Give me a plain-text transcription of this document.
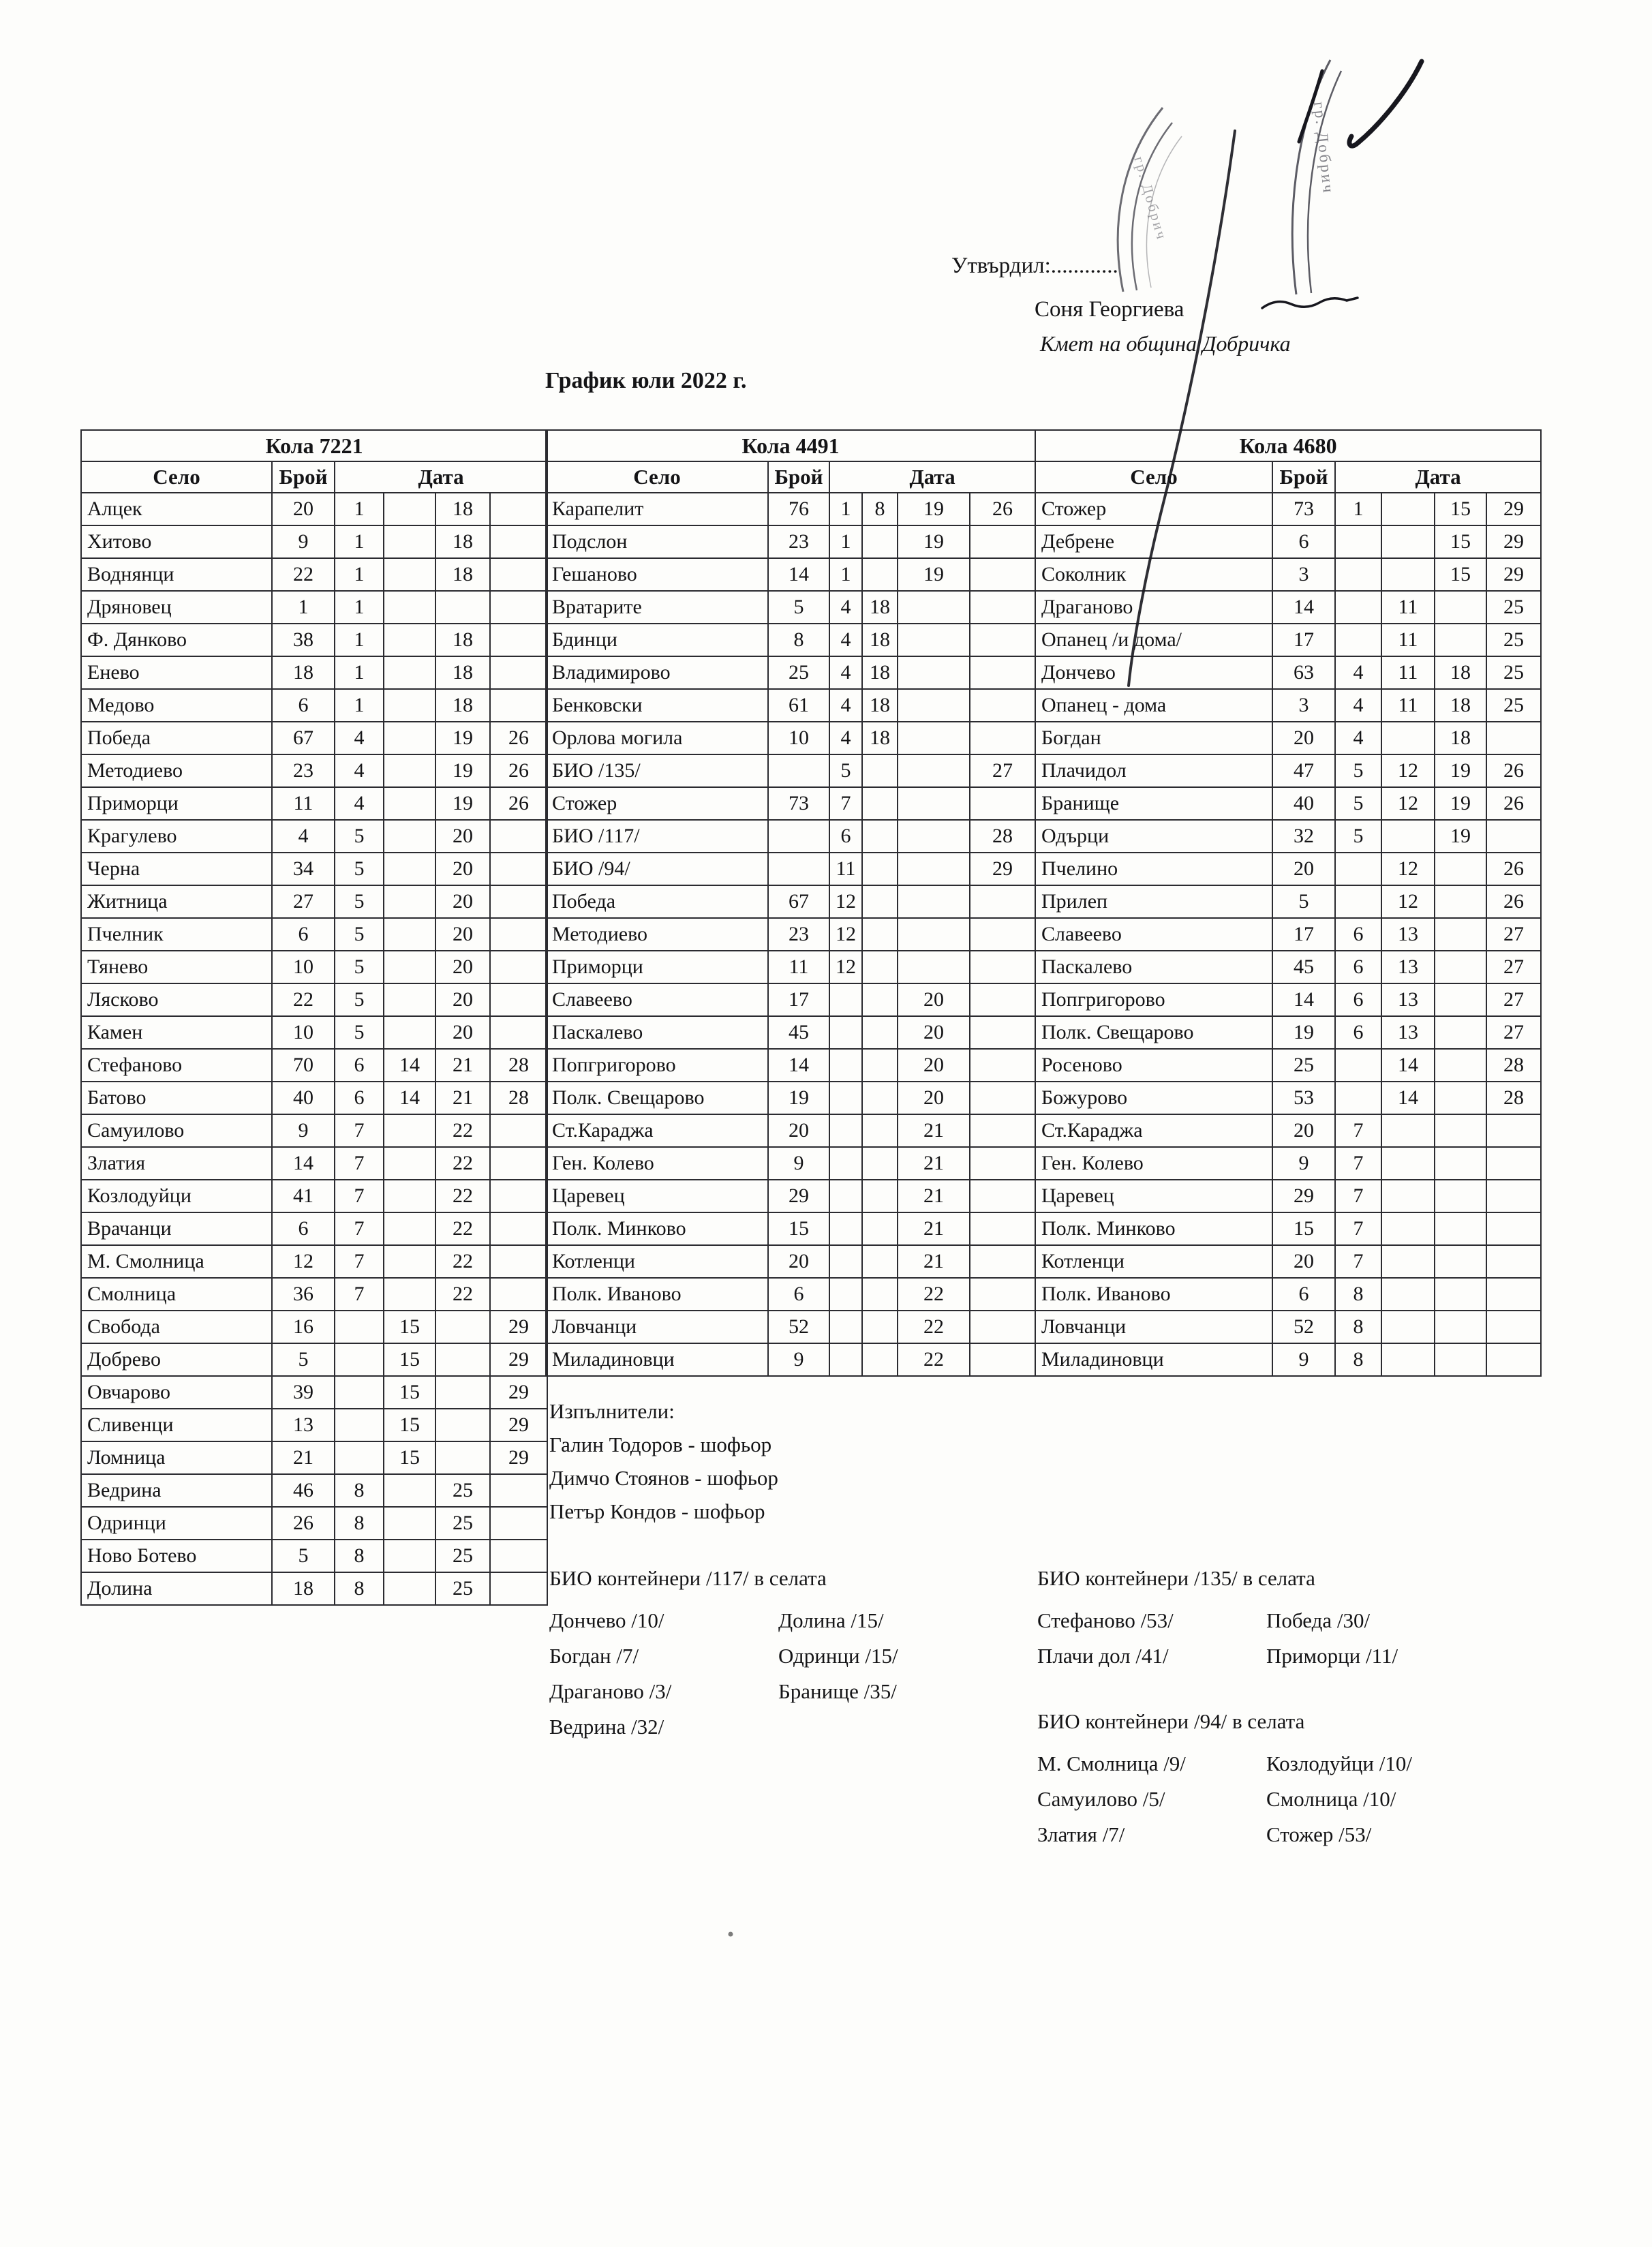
Утвърдил:............
Соня Георгиева
Кмет на община Добричка
График юли 2022 г.
Кола 7221					
Село	Брой	Дата			
Алцек	20	1		18	
Хитово	9	1		18	
Воднянци	22	1		18	
Дряновец	1	1			
Ф. Дянково	38	1		18	
Енево	18	1		18	
Медово	6	1		18	
Победа	67	4		19	26
Методиево	23	4		19	26
Приморци	11	4		19	26
Крагулево	4	5		20	
Черна	34	5		20	
Житница	27	5		20	
Пчелник	6	5		20	
Тянево	10	5		20	
Лясково	22	5		20	
Камен	10	5		20	
Стефаново	70	6	14	21	28
Батово	40	6	14	21	28
Самуилово	9	7		22	
Златия	14	7		22	
Козлодуйци	41	7		22	
Врачанци	6	7		22	
М. Смолница	12	7		22	
Смолница	36	7		22	
Свобода	16		15		29
Добрево	5		15		29
Овчарово	39		15		29
Сливенци	13		15		29
Ломница	21		15		29
Ведрина	46	8		25	
Одринци	26	8		25	
Ново Ботево	5	8		25	
Долина	18	8		25	
Кола 4491					
Село	Брой	Дата			
Карапелит	76	1	8	19	26
Подслон	23	1		19	
Гешаново	14	1		19	
Вратарите	5	4	18		
Бдинци	8	4	18		
Владимирово	25	4	18		
Бенковски	61	4	18		
Орлова могила	10	4	18		
БИО /135/		5			27
Стожер	73	7			
БИО /117/		6			28
БИО /94/		11			29
Победа	67	12			
Методиево	23	12			
Приморци	11	12			
Славеево	17			20	
Паскалево	45			20	
Попгригорово	14			20	
Полк. Свещарово	19			20	
Ст.Караджа	20			21	
Ген. Колево	9			21	
Царевец	29			21	
Полк. Минково	15			21	
Котленци	20			21	
Полк. Иваново	6			22	
Ловчанци	52			22	
Миладиновци	9			22	
Кола 4680					
Село	Брой	Дата			
Стожер	73	1		15	29
Дебрене	6			15	29
Соколник	3			15	29
Драганово	14		11		25
Опанец /и дома/	17		11		25
Дончево	63	4	11	18	25
Опанец - дома	3	4	11	18	25
Богдан	20	4		18	
Плачидол	47	5	12	19	26
Бранище	40	5	12	19	26
Одърци	32	5		19	
Пчелино	20		12		26
Прилеп	5		12		26
Славеево	17	6	13		27
Паскалево	45	6	13		27
Попгригорово	14	6	13		27
Полк. Свещарово	19	6	13		27
Росеново	25		14		28
Божурово	53		14		28
Ст.Караджа	20	7			
Ген. Колево	9	7			
Царевец	29	7			
Полк. Минково	15	7			
Котленци	20	7			
Полк. Иваново	6	8			
Ловчанци	52	8			
Миладиновци	9	8			
Изпълнители:
Галин Тодоров - шофьор
Димчо Стоянов - шофьор
Петър Кондов - шофьор
БИО контейнери /117/ в селата
Дончево /10/	Долина /15/
Богдан /7/	Одринци /15/
Драганово /3/	Бранище /35/
Ведрина /32/
БИО контейнери /135/ в селата
Стефаново /53/	Победа /30/
Плачи дол /41/	Приморци /11/
БИО контейнери /94/ в селата
М. Смолница /9/	Козлодуйци /10/
Самуилово /5/	Смолница /10/
Златия /7/	Стожер /53/
гр. Добрич
гр. Добрич
